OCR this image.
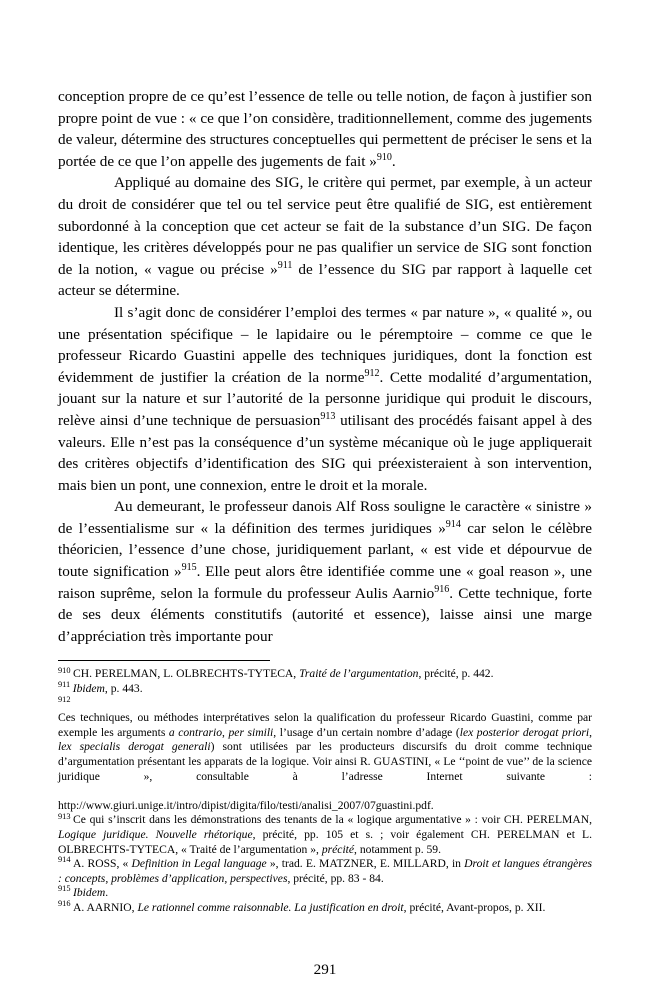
conception propre de ce qu’est l’essence de telle ou telle notion, de façon à justifier son propre point de vue : « ce que l’on considère, traditionnellement, comme des jugements de valeur, détermine des structures conceptuelles qui permettent de préciser le sens et la portée de ce que l’on appelle des jugements de fait »$^{910}$.

Appliqué au domaine des SIG, le critère qui permet, par exemple, à un acteur du droit de considérer que tel ou tel service peut être qualifié de SIG, est entièrement subordonné à la conception que cet acteur se fait de la substance d’un SIG. De façon identique, les critères développés pour ne pas qualifier un service de SIG sont fonction de la notion, « vague ou précise »$^{911}$ de l’essence du SIG par rapport à laquelle cet acteur se détermine.

Il s’agit donc de considérer l’emploi des termes « par nature », « qualité », ou une présentation spécifique – le lapidaire ou le péremptoire – comme ce que le professeur Ricardo Guastini appelle des techniques juridiques, dont la fonction est évidemment de justifier la création de la norme$^{912}$. Cette modalité d’argumentation, jouant sur la nature et sur l’autorité de la personne juridique qui produit le discours, relève ainsi d’une technique de persuasion$^{913}$ utilisant des procédés faisant appel à des valeurs. Elle n’est pas la conséquence d’un système mécanique où le juge appliquerait des critères objectifs d’identification des SIG qui préexisteraient à son intervention, mais bien un pont, une connexion, entre le droit et la morale.

Au demeurant, le professeur danois Alf Ross souligne le caractère « sinistre » de l’essentialisme sur « la définition des termes juridiques »$^{914}$ car selon le célèbre théoricien, l’essence d’une chose, juridiquement parlant, « est vide et dépourvue de toute signification »$^{915}$. Elle peut alors être identifiée comme une « goal reason », une raison suprême, selon la formule du professeur Aulis Aarnio$^{916}$. Cette technique, forte de ses deux éléments constitutifs (autorité et essence), laisse ainsi une marge d’appréciation très importante pour

$^{910}$ CH. PERELMAN, L. OLBRECHTS-TYTECA, Traité de l’argumentation, précité, p. 442.

$^{911}$ Ibidem, p. 443.

$^{912}$
Ces techniques, ou méthodes interprétatives selon la qualification du professeur Ricardo Guastini, comme par exemple les arguments a contrario, per simili, l’usage d’un certain nombre d’adage (lex posterior derogat priori, lex specialis derogat generali) sont utilisées par les producteurs discursifs du droit comme technique d’argumentation présentant les apparats de la logique. Voir ainsi R. GUASTINI, « Le ‘‘point de vue’’ de la science juridique », consultable à l’adresse Internet suivante :
http://www.giuri.unige.it/intro/dipist/digita/filo/testi/analisi_2007/07guastini.pdf.

$^{913}$ Ce qui s’inscrit dans les démonstrations des tenants de la « logique argumentative » : voir CH. PERELMAN, Logique juridique. Nouvelle rhétorique, précité, pp. 105 et s. ; voir également CH. PERELMAN et L. OLBRECHTS-TYTECA, « Traité de l’argumentation », précité, notamment p. 59.

$^{914}$ A. ROSS, « Definition in Legal language », trad. E. MATZNER, E. MILLARD, in Droit et langues étrangères : concepts, problèmes d’application, perspectives, précité, pp. 83 - 84.

$^{915}$ Ibidem.

$^{916}$ A. AARNIO, Le rationnel comme raisonnable. La justification en droit, précité, Avant-propos, p. XII.

291
